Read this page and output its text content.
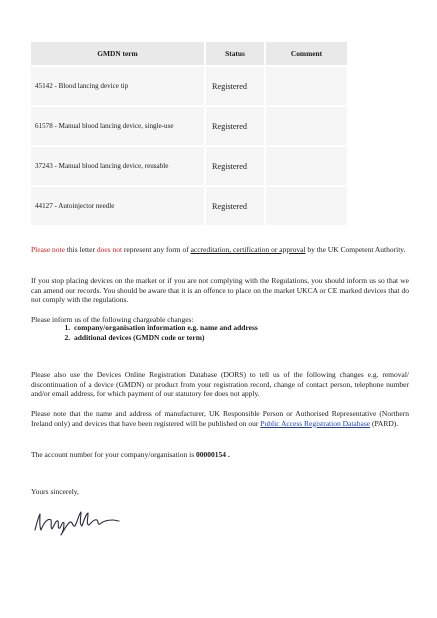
GMDN term	Status	Comment
45142 - Blood lancing device tip	Registered	
61578 - Manual blood lancing device, single-use	Registered	
37243 - Manual blood lancing device, reusable	Registered	
44127 - Autoinjector needle	Registered	

Please note this letter does not represent any form of accreditation, certification or approval by the UK Competent Authority.

If you stop placing devices on the market or if you are not complying with the Regulations, you should inform us so that we can amend our records. You should be aware that it is an offence to place on the market UKCA or CE marked devices that do not comply with the regulations.

Please inform us of the following chargeable changes:

1. company/organisation information e.g. name and address
2. additional devices (GMDN code or term)

Please also use the Devices Online Registration Database (DORS) to tell us of the following changes e.g. removal/ discontinuation of a device (GMDN) or product from your registration record, change of contact person, telephone number and/or email address, for which payment of our statutory fee does not apply.

Please note that the name and address of manufacturer, UK Responsible Person or Authorised Representative (Northern Ireland only) and devices that have been registered will be published on our Public Access Registration Database (PARD).

The account number for your company/organisation is 00000154 .

Yours sincerely,
